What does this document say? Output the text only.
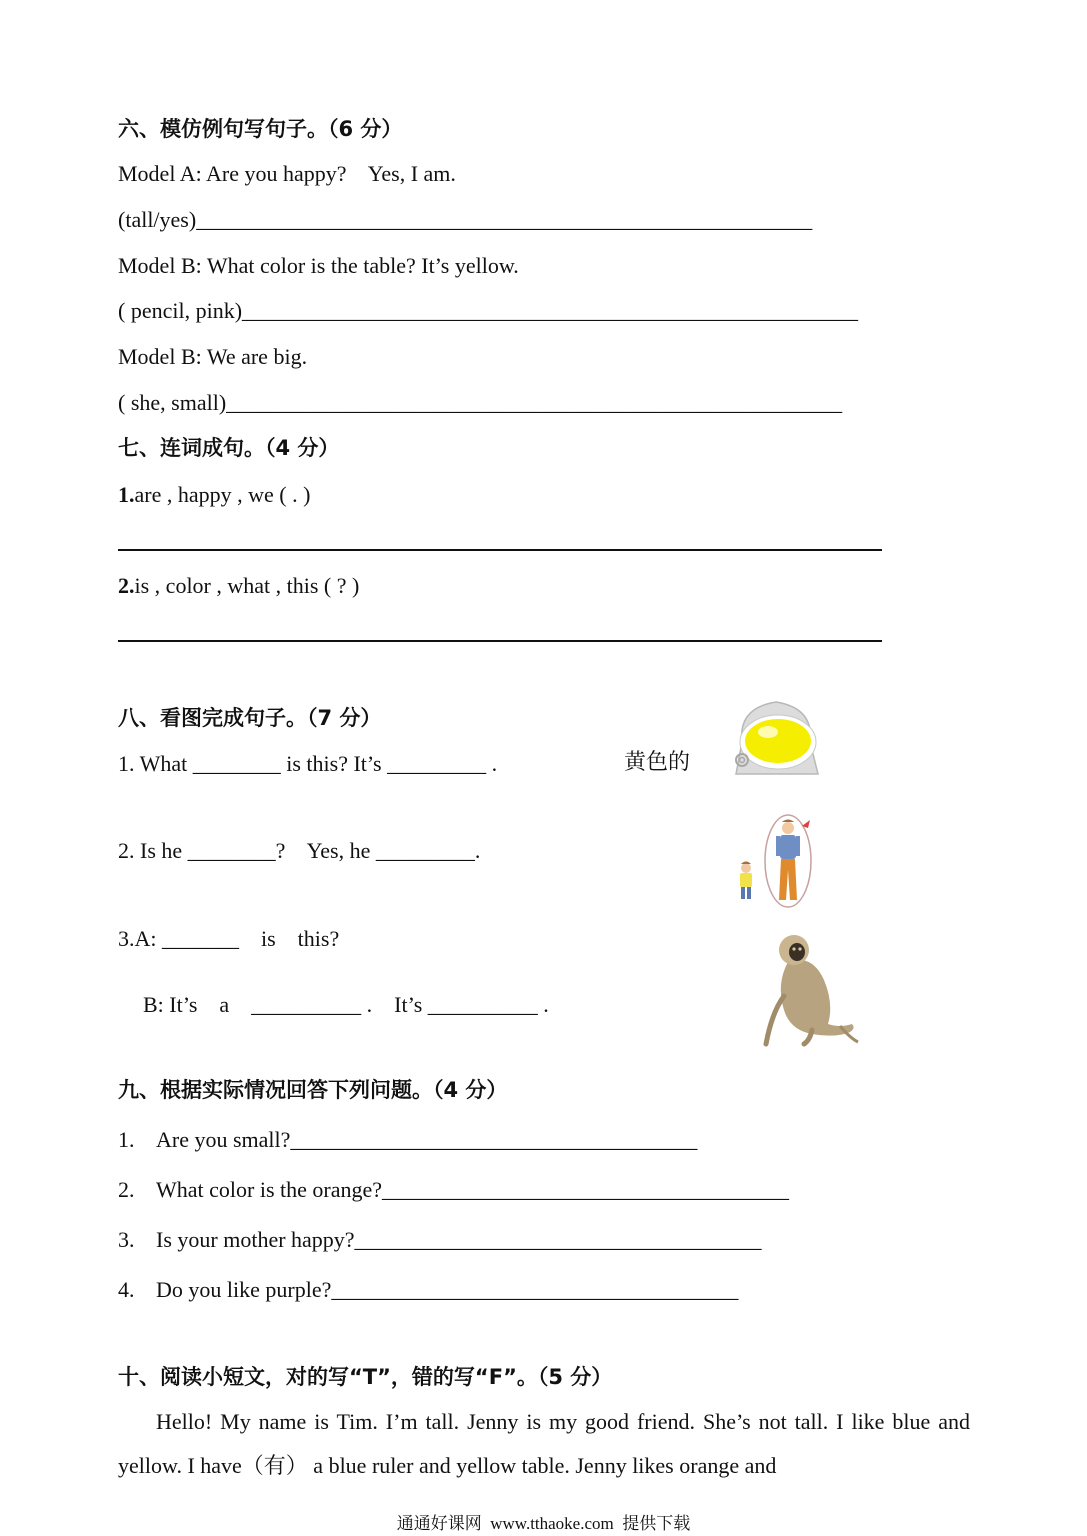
六、模仿例句写句子。（6 分）
Model A: Are you happy?    Yes, I am.
(tall/yes)________________________________________________________
Model B: What color is the table? It’s yellow.
( pencil, pink)________________________________________________________
Model B: We are big.
( she, small)________________________________________________________
七、连词成句。（4 分）
1.are , happy , we ( . )
2.is , color , what , this ( ? )
八、看图完成句子。（7 分）
1. What ________ is this? It’s _________ .	黄色的
2. Is he ________?    Yes, he _________.
3.A: _______    is    this?
B: It’s    a    __________ .    It’s __________ .
九、根据实际情况回答下列问题。（4 分）
1. Are you small?_____________________________________
2. What color is the orange?_____________________________________
3. Is your mother happy?_____________________________________
4. Do you like purple?_____________________________________
十、阅读小短文，对的写“T”，错的写“F”。（5 分）
Hello! My name is Tim. I’m tall. Jenny is my good friend. She’s not tall. I like blue and yellow. I have（有） a blue ruler and yellow table. Jenny likes orange and
通通好课网  www.tthaoke.com  提供下载
